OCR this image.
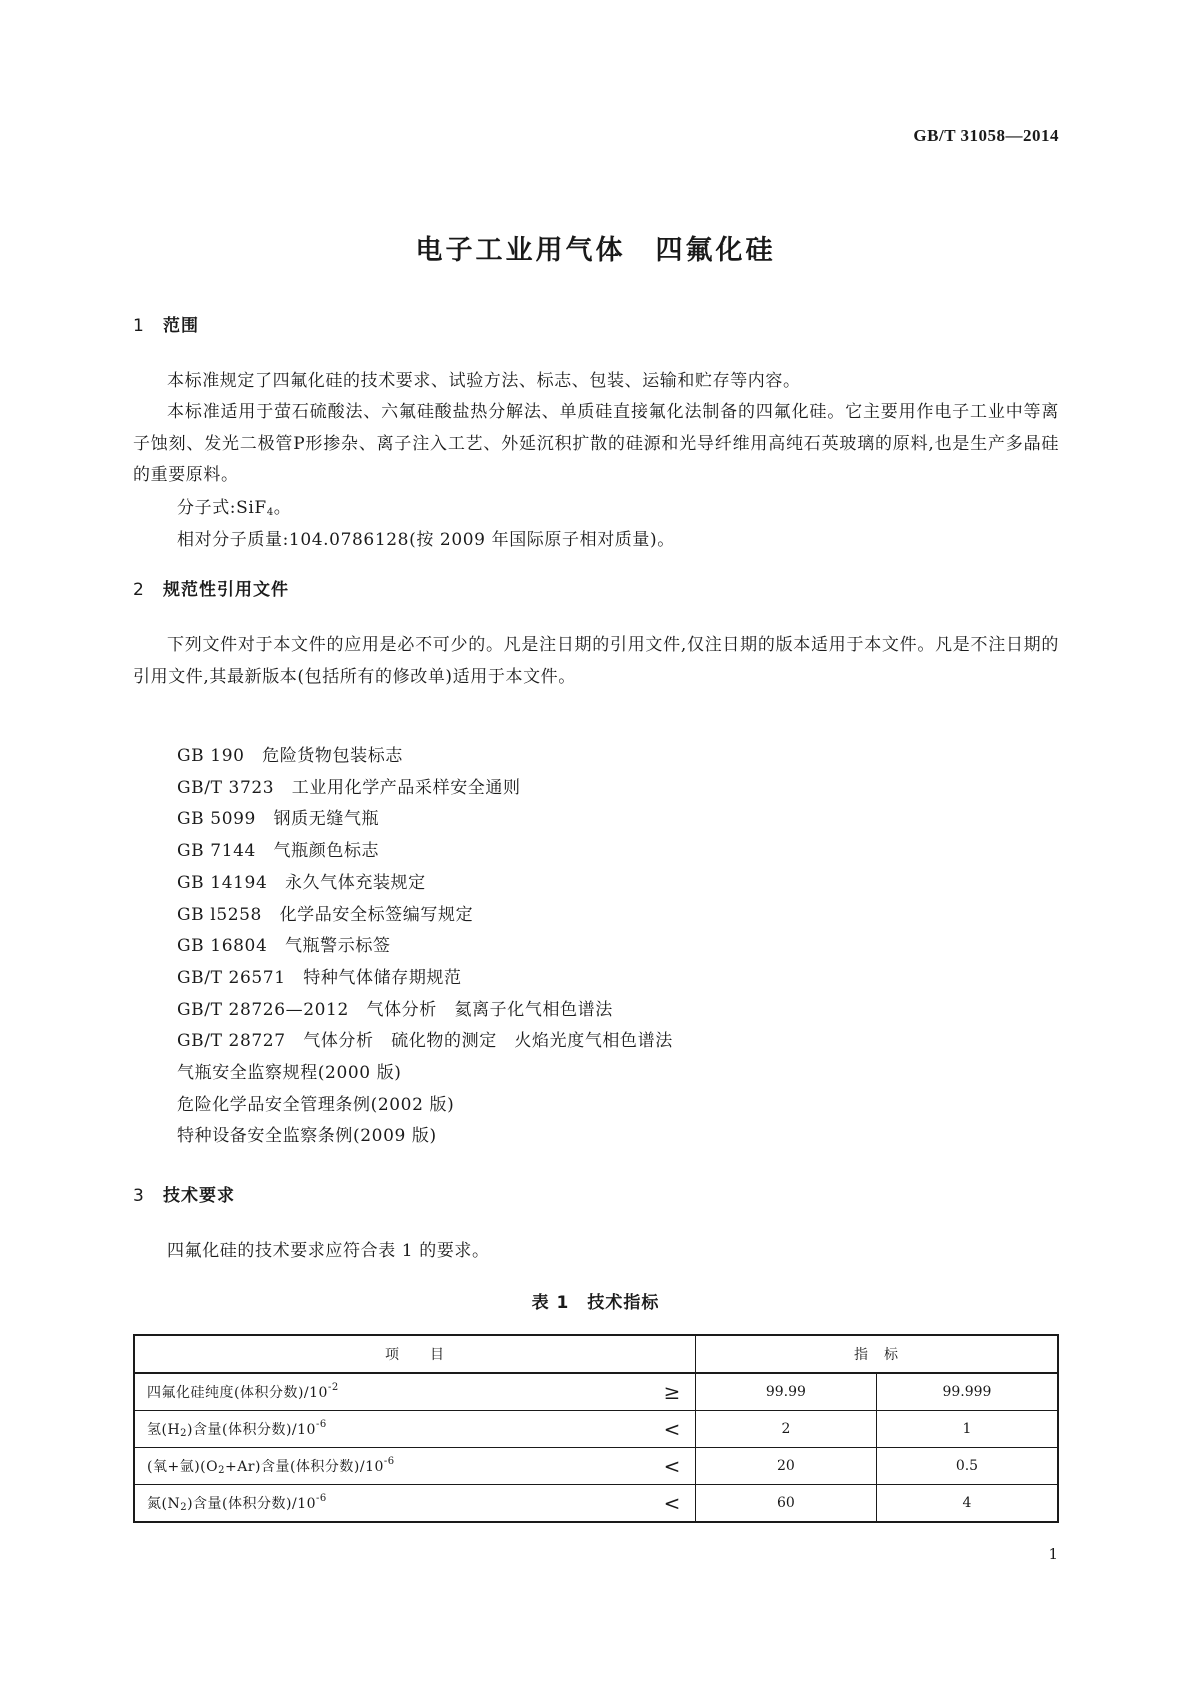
GB/T 31058—2014
电子工业用气体　四氟化硅
1 范围

本标准规定了四氟化硅的技术要求、试验方法、标志、包装、运输和贮存等内容。

本标准适用于萤石硫酸法、六氟硅酸盐热分解法、单质硅直接氟化法制备的四氟化硅。它主要用作电子工业中等离子蚀刻、发光二极管P形掺杂、离子注入工艺、外延沉积扩散的硅源和光导纤维用高纯石英玻璃的原料,也是生产多晶硅的重要原料。

分子式:SiF$_4$。
相对分子质量:104.0786128(按 2009 年国际原子相对质量)。
2 规范性引用文件

下列文件对于本文件的应用是必不可少的。凡是注日期的引用文件,仅注日期的版本适用于本文件。凡是不注日期的引用文件,其最新版本(包括所有的修改单)适用于本文件。

GB 190　危险货物包装标志
GB/T 3723　工业用化学产品采样安全通则
GB 5099　钢质无缝气瓶
GB 7144　气瓶颜色标志
GB 14194　永久气体充装规定
GB l5258　化学品安全标签编写规定
GB 16804　气瓶警示标签
GB/T 26571　特种气体储存期规范
GB/T 28726—2012　气体分析　氦离子化气相色谱法
GB/T 28727　气体分析　硫化物的测定　火焰光度气相色谱法
气瓶安全监察规程(2000 版)
危险化学品安全管理条例(2002 版)
特种设备安全监察条例(2009 版)
3 技术要求

四氟化硅的技术要求应符合表 1 的要求。

表 1　技术指标
项　　目	指　标	
四氟化硅纯度(体积分数)$/10^{-2}$ ≥	99.99	99.999
氢$(H_2)$含量(体积分数)$/10^{-6}$ <	2	1
(氧+氩)$(O_2+Ar)$含量(体积分数)$/10^{-6}$ <	20	0.5
氮$(N_2)$含量(体积分数)$/10^{-6}$ <	60	4
1
